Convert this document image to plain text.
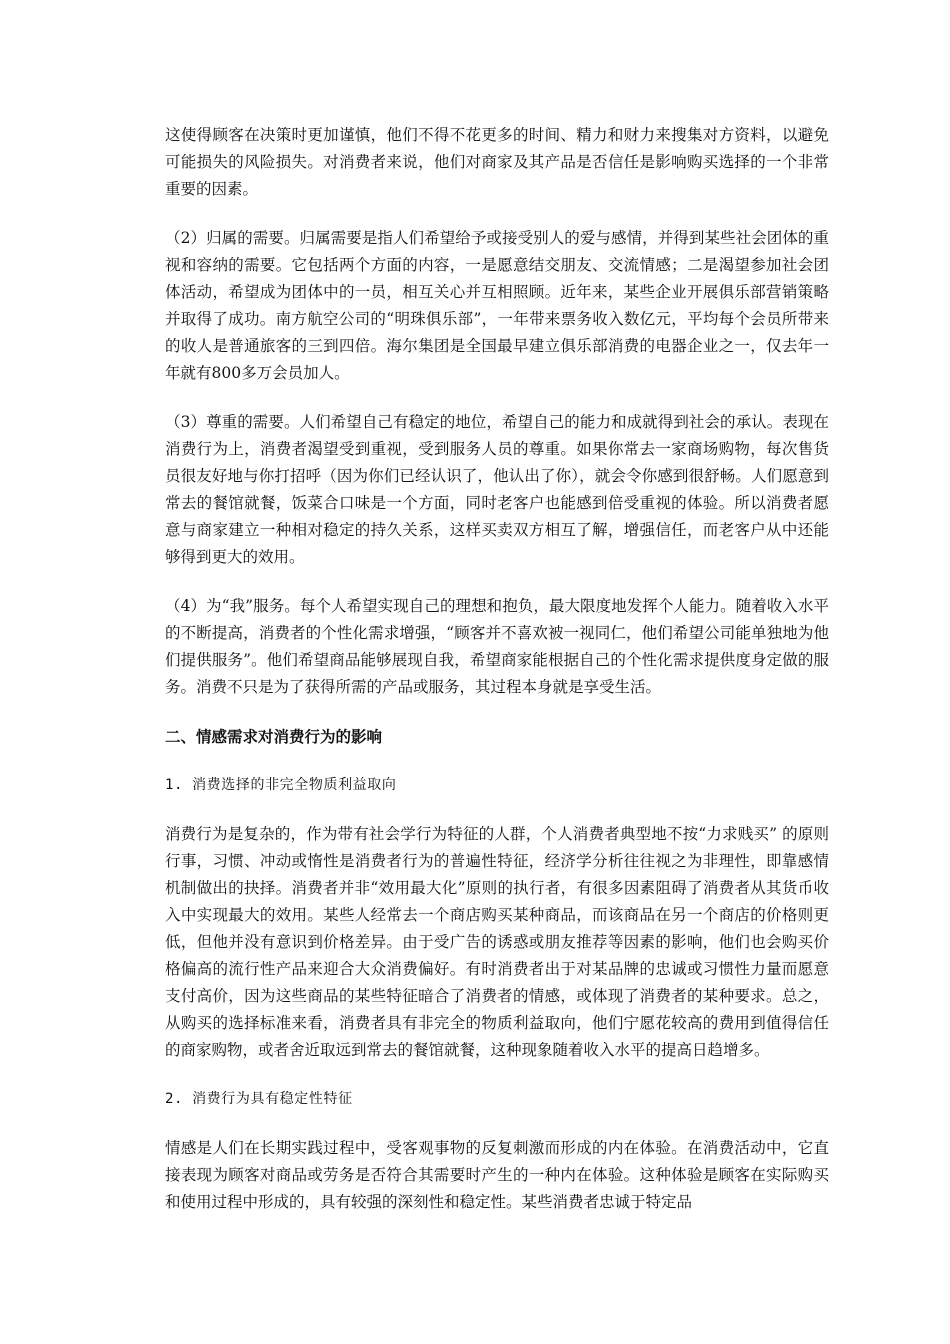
这使得顾客在决策时更加谨慎，他们不得不花更多的时间、精力和财力来搜集对方资料，以避免可能损失的风险损失。对消费者来说，他们对商家及其产品是否信任是影响购买选择的一个非常重要的因素。

（2）归属的需要。归属需要是指人们希望给予或接受别人的爱与感情，并得到某些社会团体的重视和容纳的需要。它包括两个方面的内容，一是愿意结交朋友、交流情感；二是渴望参加社会团体活动，希望成为团体中的一员，相互关心并互相照顾。近年来，某些企业开展俱乐部营销策略并取得了成功。南方航空公司的“明珠俱乐部”，一年带来票务收入数亿元，平均每个会员所带来的收人是普通旅客的三到四倍。海尔集团是全国最早建立俱乐部消费的电器企业之一，仅去年一年就有800多万会员加人。

（3）尊重的需要。人们希望自己有稳定的地位，希望自己的能力和成就得到社会的承认。表现在消费行为上，消费者渴望受到重视，受到服务人员的尊重。如果你常去一家商场购物，每次售货员很友好地与你打招呼（因为你们已经认识了，他认出了你），就会令你感到很舒畅。人们愿意到常去的餐馆就餐，饭菜合口味是一个方面，同时老客户也能感到倍受重视的体验。所以消费者愿意与商家建立一种相对稳定的持久关系，这样买卖双方相互了解，增强信任，而老客户从中还能够得到更大的效用。

（4）为“我”服务。每个人希望实现自己的理想和抱负，最大限度地发挥个人能力。随着收入水平的不断提高，消费者的个性化需求增强，“顾客并不喜欢被一视同仁，他们希望公司能单独地为他们提供服务”。他们希望商品能够展现自我，希望商家能根据自己的个性化需求提供度身定做的服务。消费不只是为了获得所需的产品或服务，其过程本身就是享受生活。

二、情感需求对消费行为的影响

1. 消费选择的非完全物质利益取向

消费行为是复杂的，作为带有社会学行为特征的人群，个人消费者典型地不按“力求贱买” 的原则行事，习惯、冲动或惰性是消费者行为的普遍性特征，经济学分析往往视之为非理性，即靠感情机制做出的抉择。消费者并非“效用最大化”原则的执行者，有很多因素阻碍了消费者从其货币收入中实现最大的效用。某些人经常去一个商店购买某种商品，而该商品在另一个商店的价格则更低，但他并没有意识到价格差异。由于受广告的诱惑或朋友推荐等因素的影响，他们也会购买价格偏高的流行性产品来迎合大众消费偏好。有时消费者出于对某品牌的忠诚或习惯性力量而愿意支付高价，因为这些商品的某些特征暗合了消费者的情感，或体现了消费者的某种要求。总之，从购买的选择标准来看，消费者具有非完全的物质利益取向，他们宁愿花较高的费用到值得信任的商家购物，或者舍近取远到常去的餐馆就餐，这种现象随着收入水平的提高日趋增多。

2. 消费行为具有稳定性特征

情感是人们在长期实践过程中，受客观事物的反复刺激而形成的内在体验。在消费活动中，它直接表现为顾客对商品或劳务是否符合其需要时产生的一种内在体验。这种体验是顾客在实际购买和使用过程中形成的，具有较强的深刻性和稳定性。某些消费者忠诚于特定品
